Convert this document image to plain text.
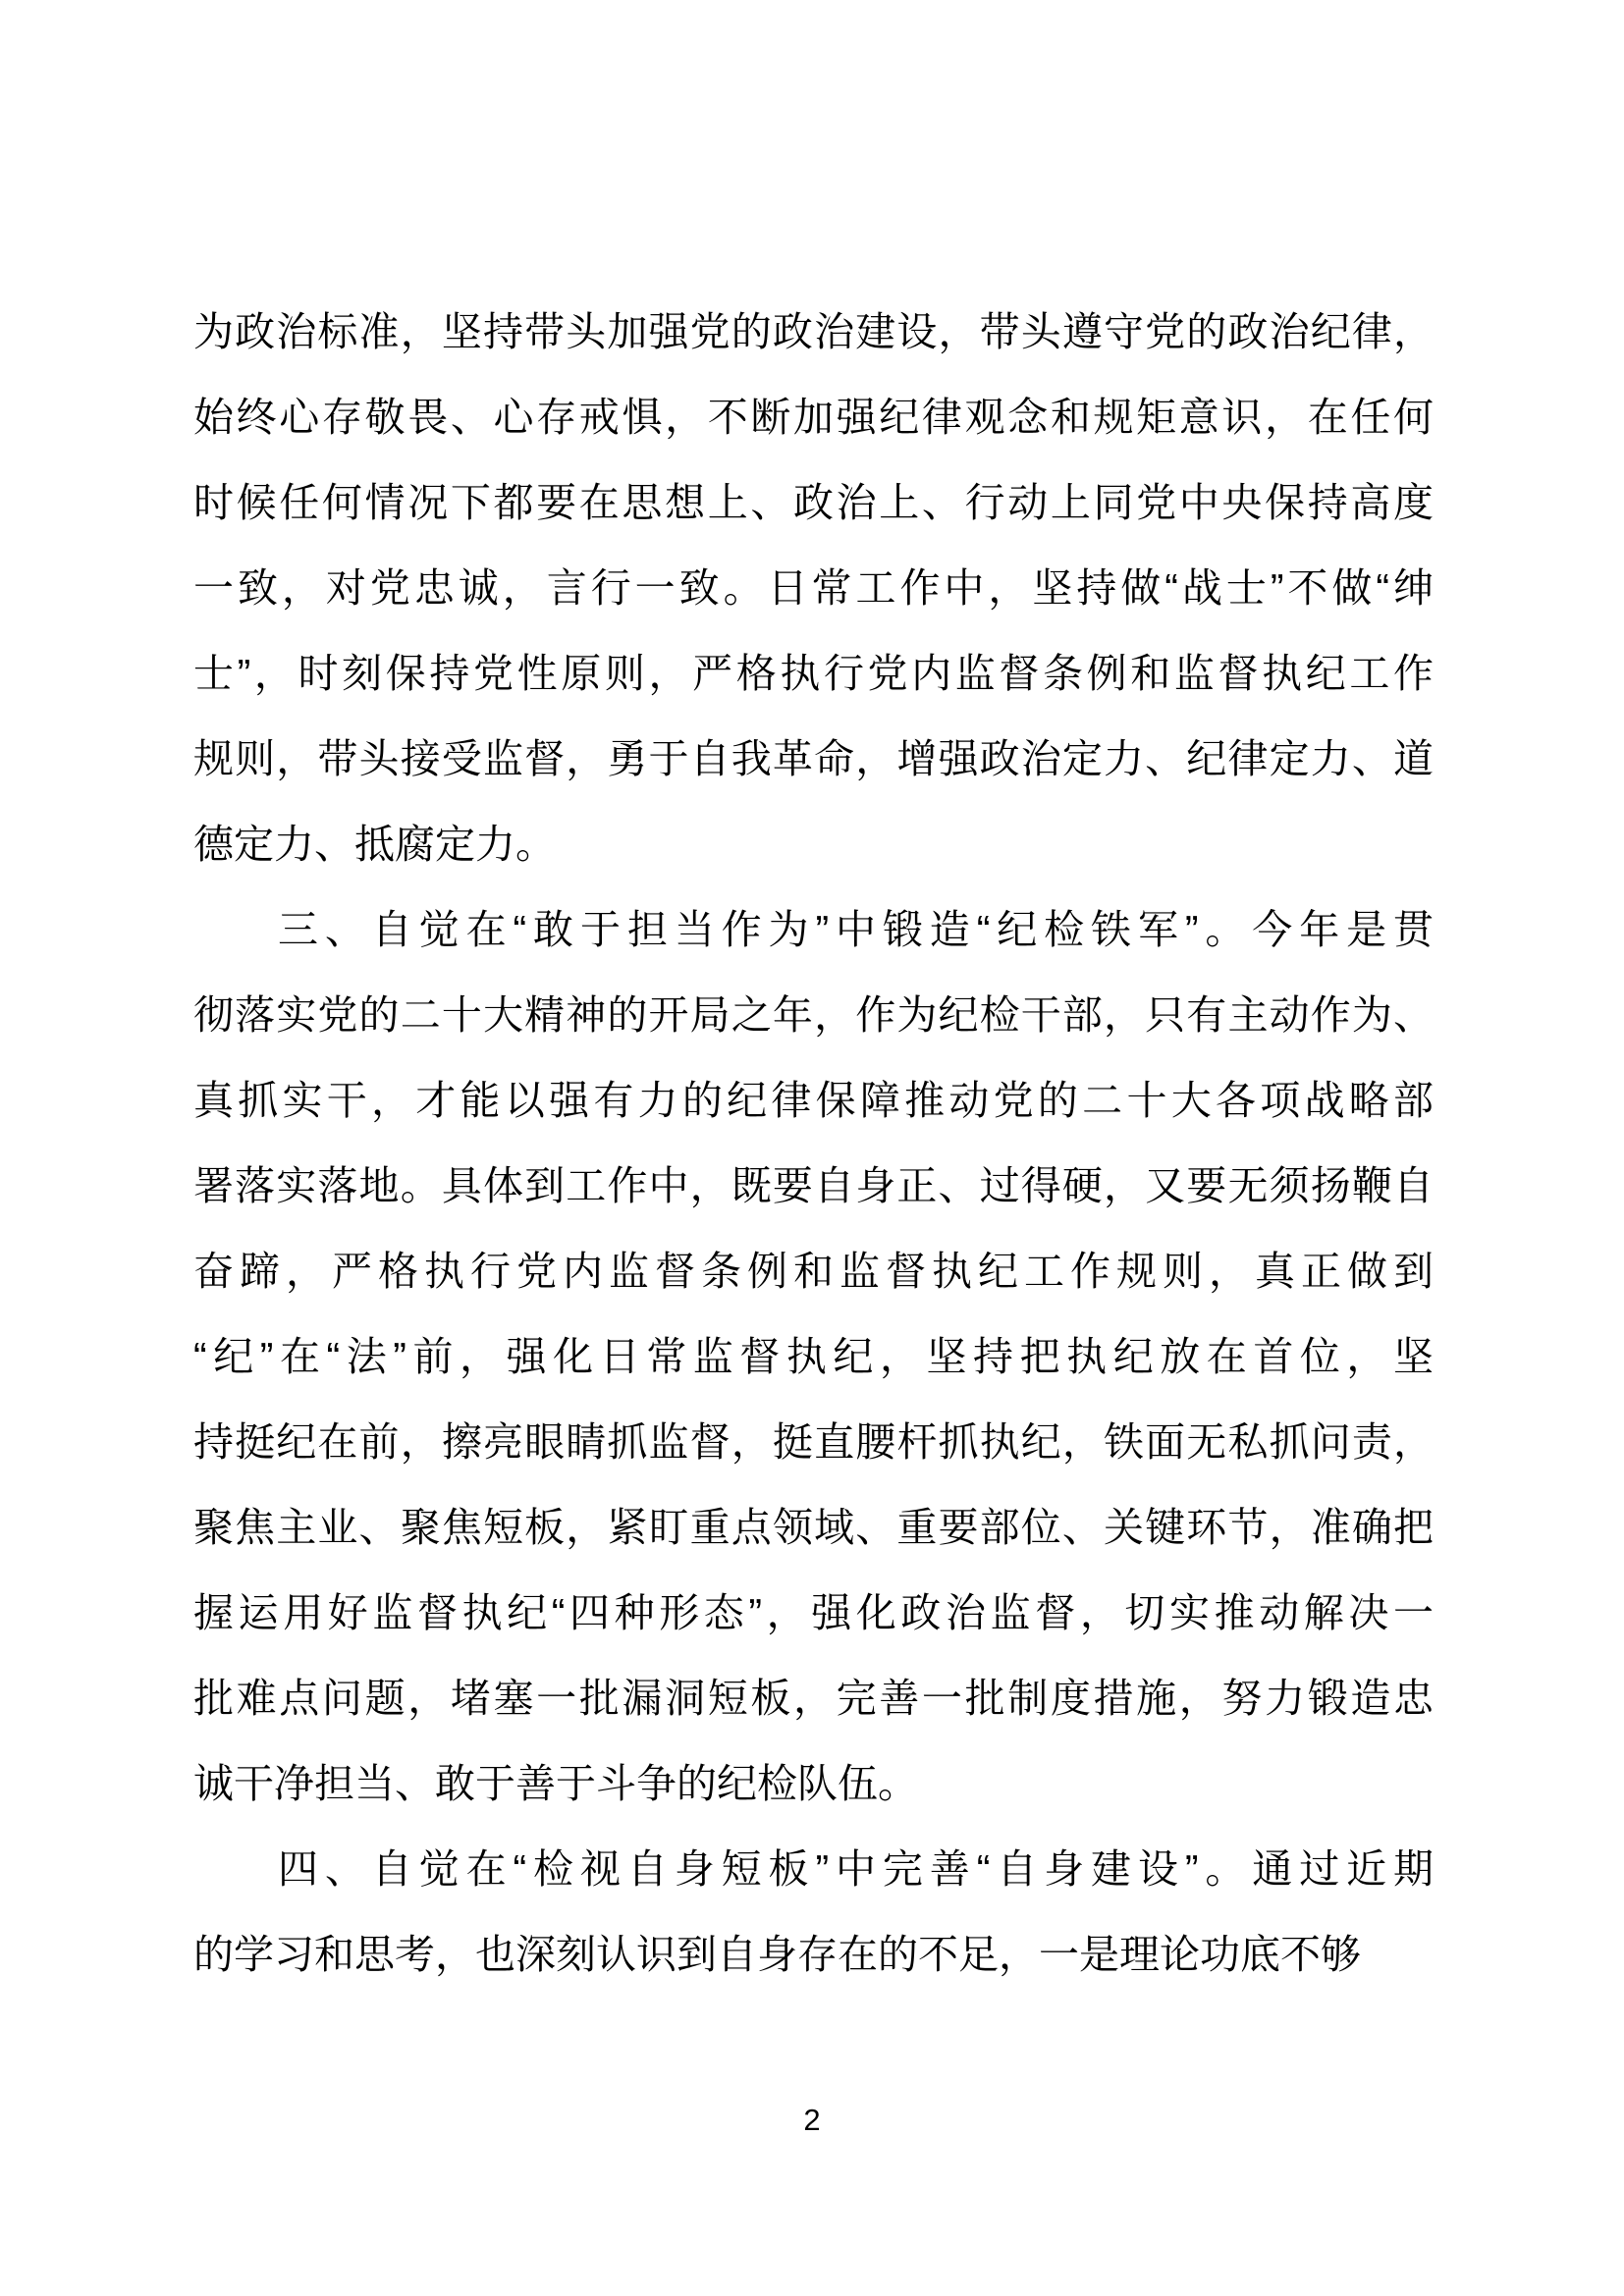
为政治标准，坚持带头加强党的政治建设，带头遵守党的政治纪律，
始终心存敬畏、心存戒惧，不断加强纪律观念和规矩意识，在任何
时候任何情况下都要在思想上、政治上、行动上同党中央保持高度
一致，对党忠诚，言行一致。日常工作中，坚持做“战士”不做“绅
士”，时刻保持党性原则，严格执行党内监督条例和监督执纪工作
规则，带头接受监督，勇于自我革命，增强政治定力、纪律定力、道
德定力、抵腐定力。
三、自觉在“敢于担当作为”中锻造“纪检铁军”。今年是贯
彻落实党的二十大精神的开局之年，作为纪检干部，只有主动作为、
真抓实干，才能以强有力的纪律保障推动党的二十大各项战略部
署落实落地。具体到工作中，既要自身正、过得硬，又要无须扬鞭自
奋蹄，严格执行党内监督条例和监督执纪工作规则，真正做到
“纪”在“法”前，强化日常监督执纪，坚持把执纪放在首位，坚
持挺纪在前，擦亮眼睛抓监督，挺直腰杆抓执纪，铁面无私抓问责，
聚焦主业、聚焦短板，紧盯重点领域、重要部位、关键环节，准确把
握运用好监督执纪“四种形态”，强化政治监督，切实推动解决一
批难点问题，堵塞一批漏洞短板，完善一批制度措施，努力锻造忠
诚干净担当、敢于善于斗争的纪检队伍。
四、自觉在“检视自身短板”中完善“自身建设”。通过近期
的学习和思考，也深刻认识到自身存在的不足，一是理论功底不够
2
